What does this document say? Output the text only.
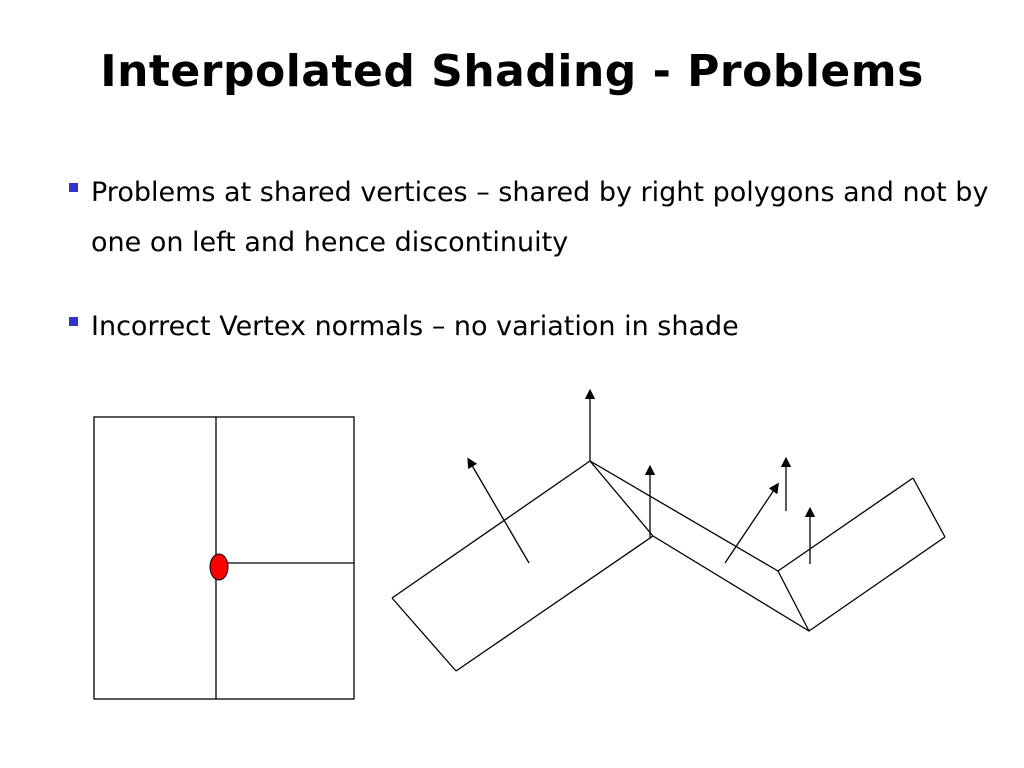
Interpolated Shading - Problems

Problems at shared vertices – shared by right polygons and not by one on left and hence discontinuity

Incorrect Vertex normals – no variation in shade
